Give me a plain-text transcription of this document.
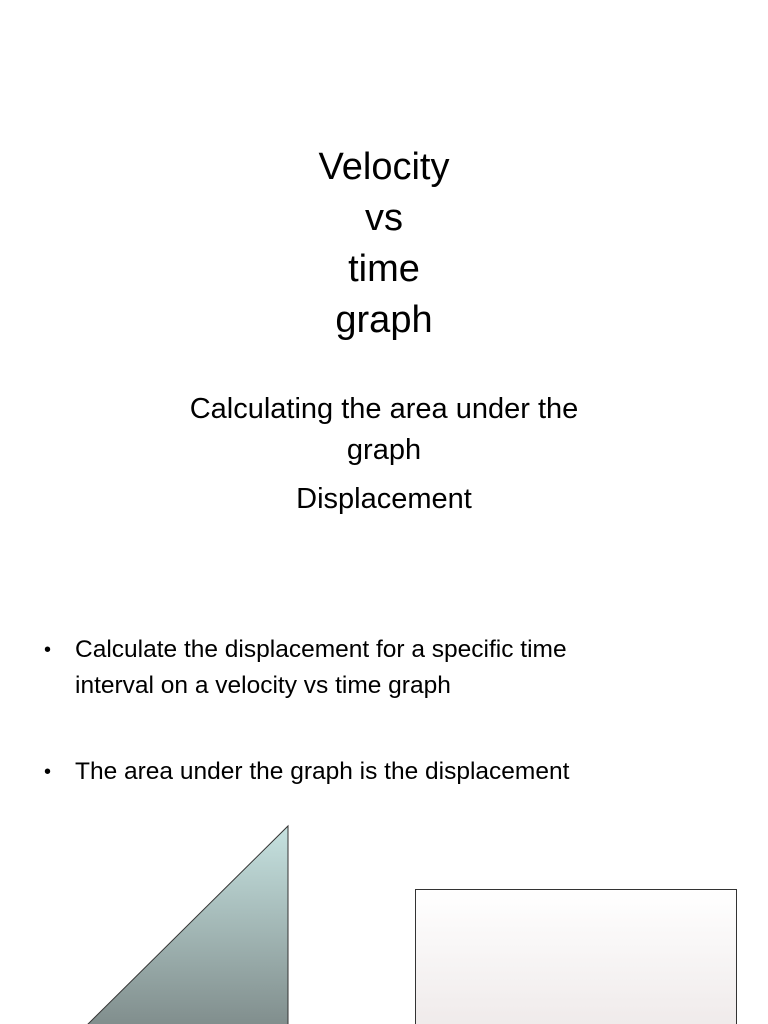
Velocity
vs
time
graph
Calculating the area under the
graph
Displacement
• Calculate the displacement for a specific time
interval on a velocity vs time graph
• The area under the graph is the displacement
